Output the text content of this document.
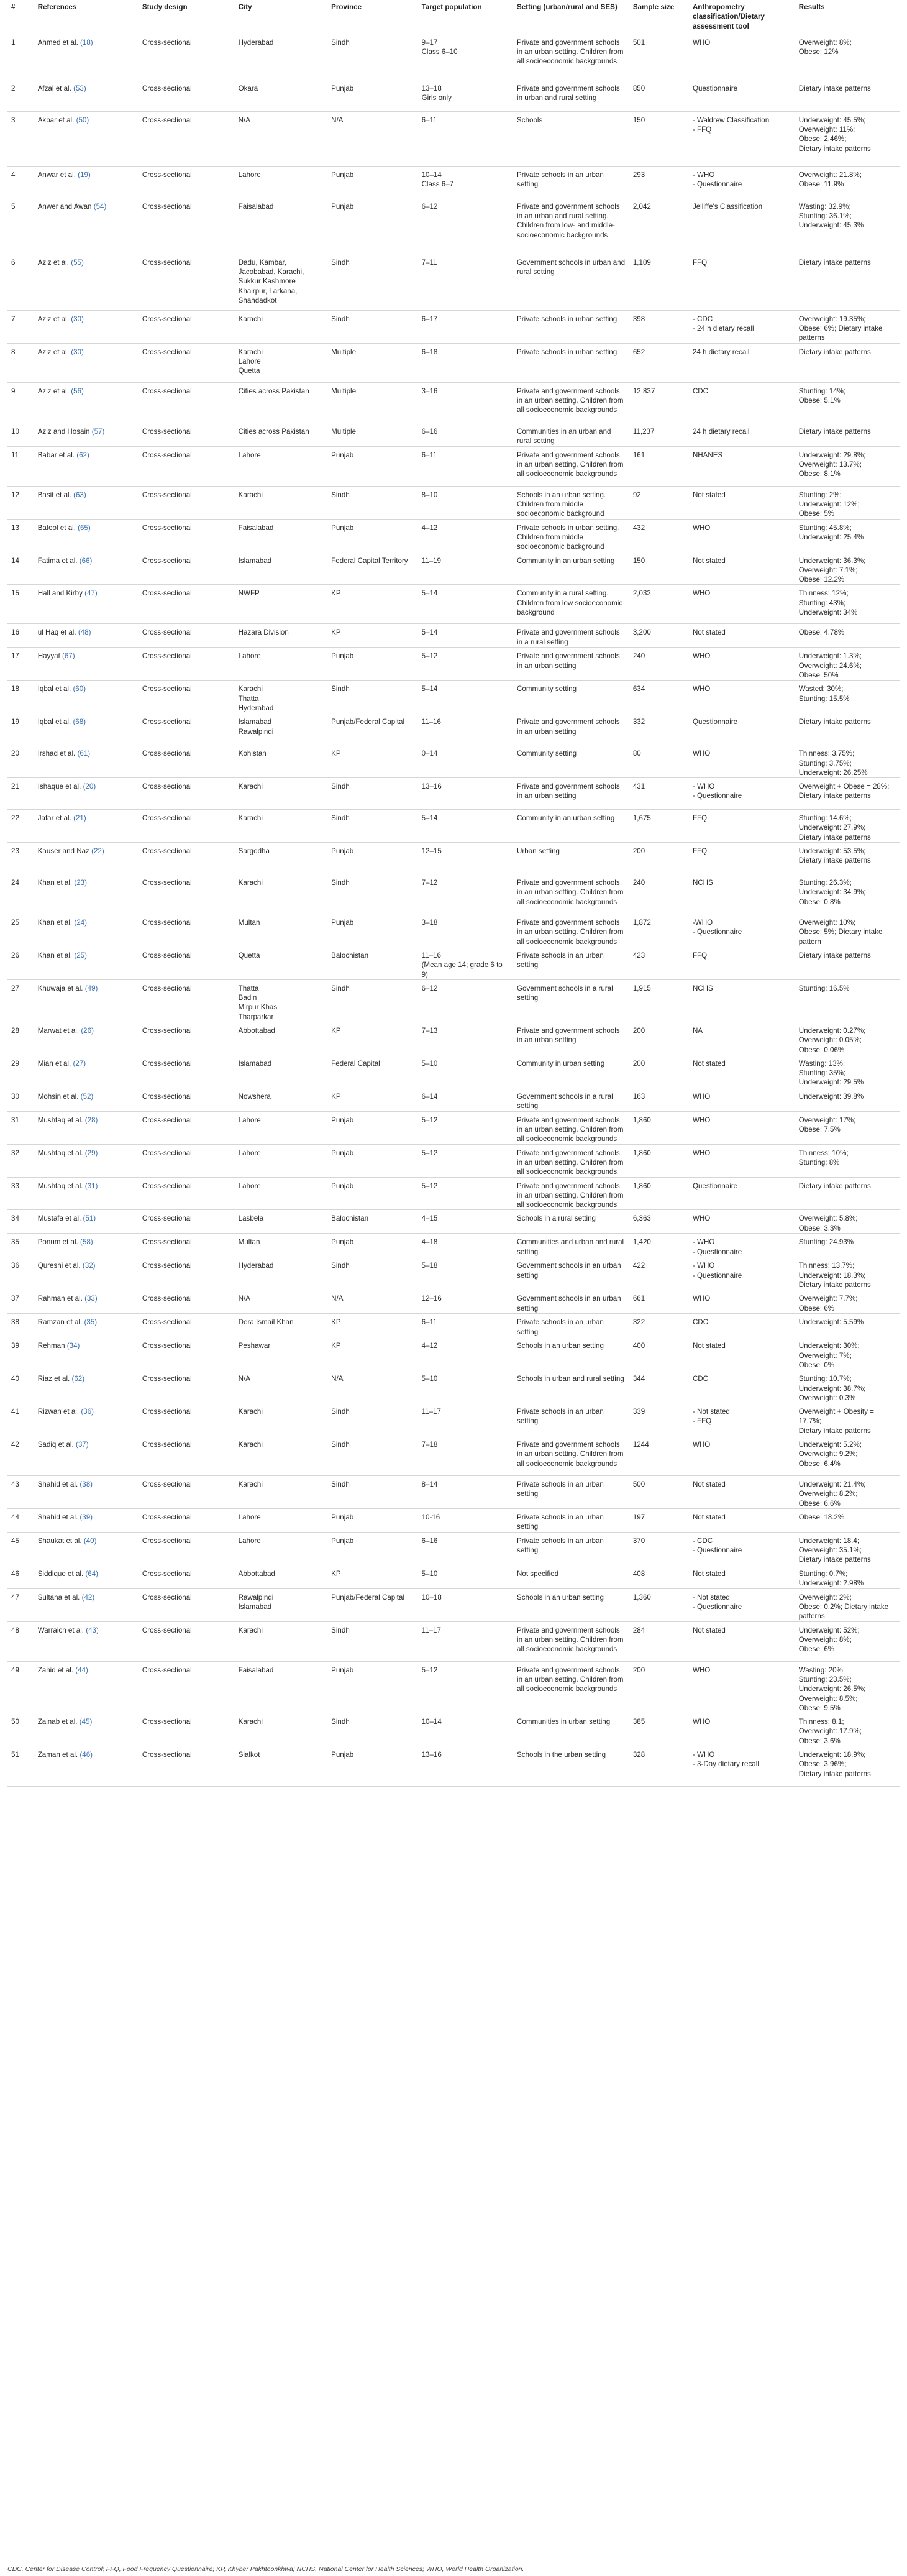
#	References	Study design	City	Province	Target population	Setting (urban/rural and SES)	Sample size	Anthropometry classification/Dietary assessment tool	Results
1	Ahmed et al. (18)	Cross-sectional	Hyderabad	Sindh	9–17
Class 6–10	Private and government schools in an urban setting. Children from all socioeconomic backgrounds	501	WHO	Overweight: 8%;
Obese: 12%
2	Afzal et al. (53)	Cross-sectional	Okara	Punjab	13–18
Girls only	Private and government schools in urban and rural setting	850	Questionnaire	Dietary intake patterns
3	Akbar et al. (50)	Cross-sectional	N/A	N/A	6–11	Schools	150	- Waldrew Classification
- FFQ	Underweight: 45.5%;
Overweight: 11%;
Obese: 2.46%;
Dietary intake patterns
4	Anwar et al. (19)	Cross-sectional	Lahore	Punjab	10–14
Class 6–7	Private schools in an urban setting	293	- WHO
- Questionnaire	Overweight: 21.8%;
Obese: 11.9%
5	Anwer and Awan (54)	Cross-sectional	Faisalabad	Punjab	6–12	Private and government schools in an urban and rural setting. Children from low- and middle-socioeconomic backgrounds	2,042	Jelliffe's Classification	Wasting: 32.9%;
Stunting: 36.1%;
Underweight: 45.3%
6	Aziz et al. (55)	Cross-sectional	Dadu, Kambar, Jacobabad, Karachi, Sukkur Kashmore Khairpur, Larkana, Shahdadkot	Sindh	7–11	Government schools in urban and rural setting	1,109	FFQ	Dietary intake patterns
7	Aziz et al. (30)	Cross-sectional	Karachi	Sindh	6–17	Private schools in urban setting	398	- CDC
- 24 h dietary recall	Overweight: 19.35%;
Obese: 6%; Dietary intake patterns
8	Aziz et al. (30)	Cross-sectional	Karachi
Lahore
Quetta	Multiple	6–18	Private schools in urban setting	652	24 h dietary recall	Dietary intake patterns
9	Aziz et al. (56)	Cross-sectional	Cities across Pakistan	Multiple	3–16	Private and government schools in an urban setting. Children from all socioeconomic backgrounds	12,837	CDC	Stunting: 14%;
Obese: 5.1%
10	Aziz and Hosain (57)	Cross-sectional	Cities across Pakistan	Multiple	6–16	Communities in an urban and rural setting	11,237	24 h dietary recall	Dietary intake patterns
11	Babar et al. (62)	Cross-sectional	Lahore	Punjab	6–11	Private and government schools in an urban setting. Children from all socioeconomic backgrounds	161	NHANES	Underweight: 29.8%;
Overweight: 13.7%;
Obese: 8.1%
12	Basit et al. (63)	Cross-sectional	Karachi	Sindh	8–10	Schools in an urban setting. Children from middle socioeconomic background	92	Not stated	Stunting: 2%;
Underweight: 12%;
Obese: 5%
13	Batool et al. (65)	Cross-sectional	Faisalabad	Punjab	4–12	Private schools in urban setting. Children from middle socioeconomic background	432	WHO	Stunting: 45.8%;
Underweight: 25.4%
14	Fatima et al. (66)	Cross-sectional	Islamabad	Federal Capital Territory	11–19	Community in an urban setting	150	Not stated	Underweight: 36.3%;
Overweight: 7.1%;
Obese: 12.2%
15	Hall and Kirby (47)	Cross-sectional	NWFP	KP	5–14	Community in a rural setting. Children from low socioeconomic background	2,032	WHO	Thinness: 12%;
Stunting: 43%;
Underweight: 34%
16	ul Haq et al. (48)	Cross-sectional	Hazara Division	KP	5–14	Private and government schools in a rural setting	3,200	Not stated	Obese: 4.78%
17	Hayyat (67)	Cross-sectional	Lahore	Punjab	5–12	Private and government schools in an urban setting	240	WHO	Underweight: 1.3%;
Overweight: 24.6%;
Obese: 50%
18	Iqbal et al. (60)	Cross-sectional	Karachi
Thatta
Hyderabad	Sindh	5–14	Community setting	634	WHO	Wasted: 30%;
Stunting: 15.5%
19	Iqbal et al. (68)	Cross-sectional	Islamabad
Rawalpindi	Punjab/Federal Capital	11–16	Private and government schools in an urban setting	332	Questionnaire	Dietary intake patterns
20	Irshad et al. (61)	Cross-sectional	Kohistan	KP	0–14	Community setting	80	WHO	Thinness: 3.75%;
Stunting: 3.75%;
Underweight: 26.25%
21	Ishaque et al. (20)	Cross-sectional	Karachi	Sindh	13–16	Private and government schools in an urban setting	431	- WHO
- Questionnaire	Overweight + Obese = 28%; Dietary intake patterns
22	Jafar et al. (21)	Cross-sectional	Karachi	Sindh	5–14	Community in an urban setting	1,675	FFQ	Stunting: 14.6%;
Underweight: 27.9%;
Dietary intake patterns
23	Kauser and Naz (22)	Cross-sectional	Sargodha	Punjab	12–15	Urban setting	200	FFQ	Underweight: 53.5%;
Dietary intake patterns
24	Khan et al. (23)	Cross-sectional	Karachi	Sindh	7–12	Private and government schools in an urban setting. Children from all socioeconomic backgrounds	240	NCHS	Stunting: 26.3%;
Underweight: 34.9%;
Obese: 0.8%
25	Khan et al. (24)	Cross-sectional	Multan	Punjab	3–18	Private and government schools in an urban setting. Children from all socioeconomic backgrounds	1,872	-WHO
- Questionnaire	Overweight: 10%;
Obese: 5%; Dietary intake pattern
26	Khan et al. (25)	Cross-sectional	Quetta	Balochistan	11–16
(Mean age 14; grade 6 to 9)	Private schools in an urban setting	423	FFQ	Dietary intake patterns
27	Khuwaja et al. (49)	Cross-sectional	Thatta
Badin
Mirpur Khas
Tharparkar	Sindh	6–12	Government schools in a rural setting	1,915	NCHS	Stunting: 16.5%
28	Marwat et al. (26)	Cross-sectional	Abbottabad	KP	7–13	Private and government schools in an urban setting	200	NA	Underweight: 0.27%;
Overweight: 0.05%;
Obese: 0.06%
29	Mian et al. (27)	Cross-sectional	Islamabad	Federal Capital	5–10	Community in urban setting	200	Not stated	Wasting: 13%;
Stunting: 35%;
Underweight: 29.5%
30	Mohsin et al. (52)	Cross-sectional	Nowshera	KP	6–14	Government schools in a rural setting	163	WHO	Underweight: 39.8%
31	Mushtaq et al. (28)	Cross-sectional	Lahore	Punjab	5–12	Private and government schools in an urban setting. Children from all socioeconomic backgrounds	1,860	WHO	Overweight: 17%;
Obese: 7.5%
32	Mushtaq et al. (29)	Cross-sectional	Lahore	Punjab	5–12	Private and government schools in an urban setting. Children from all socioeconomic backgrounds	1,860	WHO	Thinness: 10%;
Stunting: 8%
33	Mushtaq et al. (31)	Cross-sectional	Lahore	Punjab	5–12	Private and government schools in an urban setting. Children from all socioeconomic backgrounds	1,860	Questionnaire	Dietary intake patterns
34	Mustafa et al. (51)	Cross-sectional	Lasbela	Balochistan	4–15	Schools in a rural setting	6,363	WHO	Overweight: 5.8%;
Obese: 3.3%
35	Ponum et al. (58)	Cross-sectional	Multan	Punjab	4–18	Communities and urban and rural setting	1,420	- WHO
- Questionnaire	Stunting: 24.93%
36	Qureshi et al. (32)	Cross-sectional	Hyderabad	Sindh	5–18	Government schools in an urban setting	422	- WHO
- Questionnaire	Thinness: 13.7%;
Underweight: 18.3%;
Dietary intake patterns
37	Rahman et al. (33)	Cross-sectional	N/A	N/A	12–16	Government schools in an urban setting	661	WHO	Overweight: 7.7%;
Obese: 6%
38	Ramzan et al. (35)	Cross-sectional	Dera Ismail Khan	KP	6–11	Private schools in an urban setting	322	CDC	Underweight: 5.59%
39	Rehman (34)	Cross-sectional	Peshawar	KP	4–12	Schools in an urban setting	400	Not stated	Underweight: 30%;
Overweight: 7%;
Obese: 0%
40	Riaz et al. (62)	Cross-sectional	N/A	N/A	5–10	Schools in urban and rural setting	344	CDC	Stunting: 10.7%;
Underweight: 38.7%;
Overweight: 0.3%
41	Rizwan et al. (36)	Cross-sectional	Karachi	Sindh	11–17	Private schools in an urban setting	339	- Not stated
- FFQ	Overweight + Obesity = 17.7%;
Dietary intake patterns
42	Sadiq et al. (37)	Cross-sectional	Karachi	Sindh	7–18	Private and government schools in an urban setting. Children from all socioeconomic backgrounds	1244	WHO	Underweight: 5.2%;
Overweight: 9.2%;
Obese: 6.4%
43	Shahid et al. (38)	Cross-sectional	Karachi	Sindh	8–14	Private schools in an urban setting	500	Not stated	Underweight: 21.4%;
Overweight: 8.2%;
Obese: 6.6%
44	Shahid et al. (39)	Cross-sectional	Lahore	Punjab	10-16	Private schools in an urban setting	197	Not stated	Obese: 18.2%
45	Shaukat et al. (40)	Cross-sectional	Lahore	Punjab	6–16	Private schools in an urban setting	370	- CDC
- Questionnaire	Underweight: 18.4;
Overweight: 35.1%;
Dietary intake patterns
46	Siddique et al. (64)	Cross-sectional	Abbottabad	KP	5–10	Not specified	408	Not stated	Stunting: 0.7%;
Underweight: 2.98%
47	Sultana et al. (42)	Cross-sectional	Rawalpindi
Islamabad	Punjab/Federal Capital	10–18	Schools in an urban setting	1,360	- Not stated
- Questionnaire	Overweight: 2%;
Obese: 0.2%; Dietary intake patterns
48	Warraich et al. (43)	Cross-sectional	Karachi	Sindh	11–17	Private and government schools in an urban setting. Children from all socioeconomic backgrounds	284	Not stated	Underweight: 52%;
Overweight: 8%;
Obese: 6%
49	Zahid et al. (44)	Cross-sectional	Faisalabad	Punjab	5–12	Private and government schools in an urban setting. Children from all socioeconomic backgrounds	200	WHO	Wasting: 20%;
Stunting: 23.5%;
Underweight: 26.5%;
Overweight: 8.5%;
Obese: 9.5%
50	Zainab et al. (45)	Cross-sectional	Karachi	Sindh	10–14	Communities in urban setting	385	WHO	Thinness: 8.1;
Overweight: 17.9%;
Obese: 3.6%
51	Zaman et al. (46)	Cross-sectional	Sialkot	Punjab	13–16	Schools in the urban setting	328	- WHO
- 3-Day dietary recall	Underweight: 18.9%;
Obese: 3.96%;
Dietary intake patterns
CDC, Center for Disease Control; FFQ, Food Frequency Questionnaire; KP, Khyber Pakhtoonkhwa; NCHS, National Center for Health Sciences; WHO, World Health Organization.
